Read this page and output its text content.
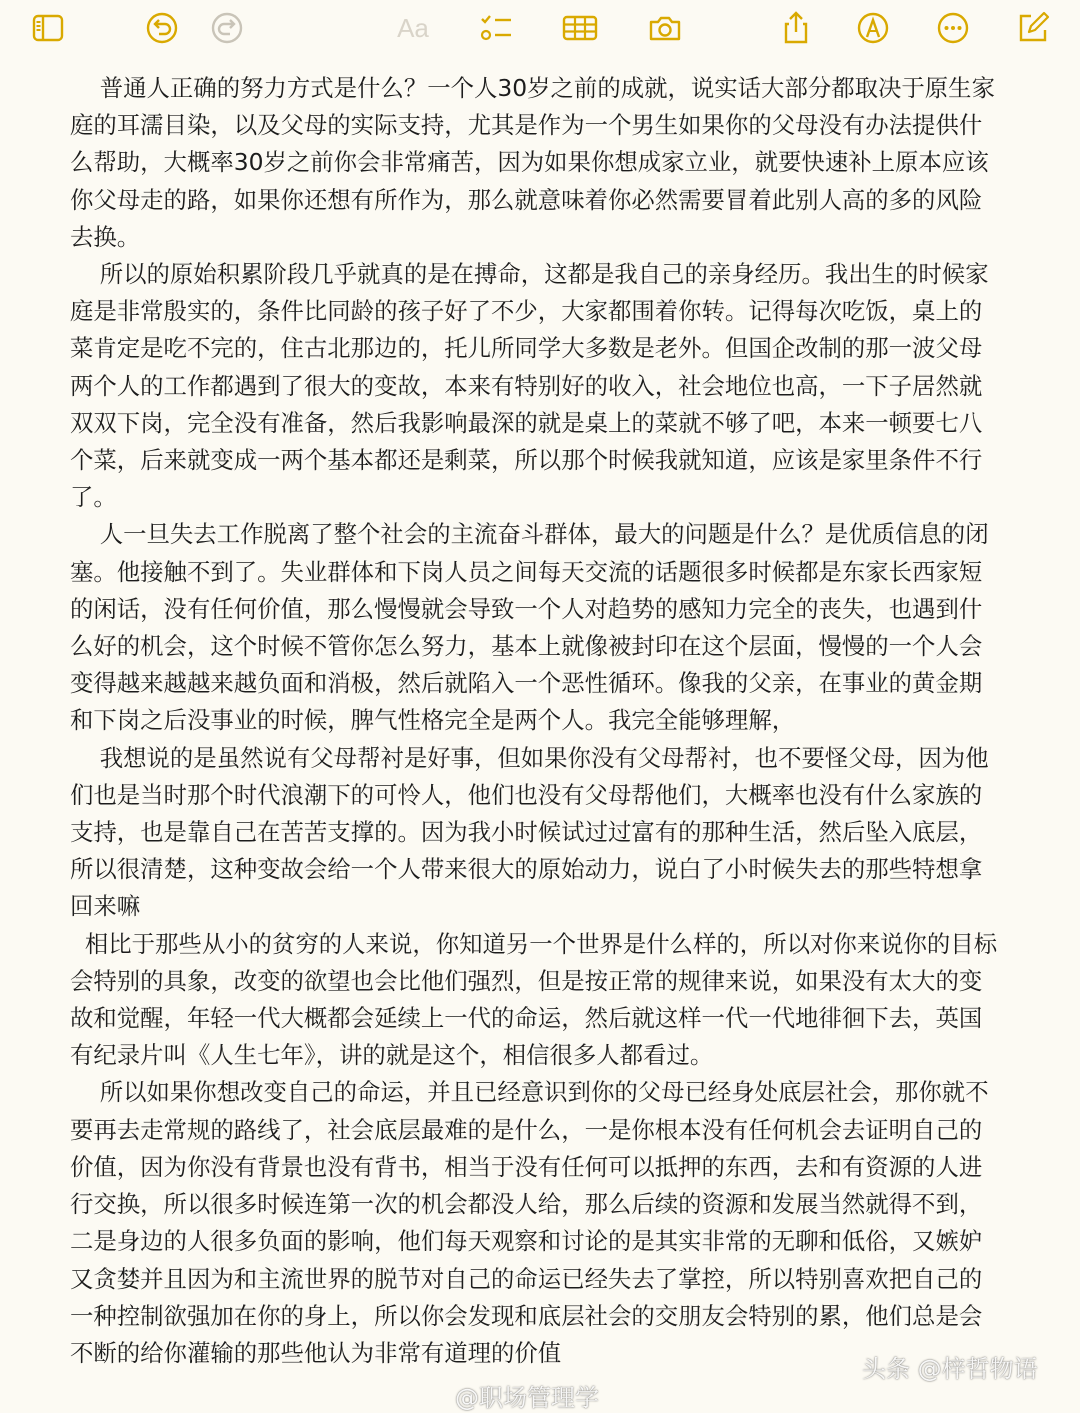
Aa

普通人正确的努力方式是什么？一个人30岁之前的成就，说实话大部分都取决于原生家庭的耳濡目染，以及父母的实际支持，尤其是作为一个男生如果你的父母没有办法提供什么帮助，大概率30岁之前你会非常痛苦，因为如果你想成家立业，就要快速补上原本应该你父母走的路，如果你还想有所作为，那么就意味着你必然需要冒着此别人高的多的风险去换。

所以的原始积累阶段几乎就真的是在搏命，这都是我自己的亲身经历。我出生的时候家庭是非常殷实的，条件比同龄的孩子好了不少，大家都围着你转。记得每次吃饭，桌上的菜肯定是吃不完的，住古北那边的，托儿所同学大多数是老外。但国企改制的那一波父母两个人的工作都遇到了很大的变故，本来有特别好的收入，社会地位也高，一下子居然就双双下岗，完全没有准备，然后我影响最深的就是桌上的菜就不够了吧，本来一顿要七八个菜，后来就变成一两个基本都还是剩菜，所以那个时候我就知道，应该是家里条件不行了。

人一旦失去工作脱离了整个社会的主流奋斗群体，最大的问题是什么？是优质信息的闭塞。他接触不到了。失业群体和下岗人员之间每天交流的话题很多时候都是东家长西家短的闲话，没有任何价值，那么慢慢就会导致一个人对趋势的感知力完全的丧失，也遇到什么好的机会，这个时候不管你怎么努力，基本上就像被封印在这个层面，慢慢的一个人会变得越来越越来越负面和消极，然后就陷入一个恶性循环。像我的父亲，在事业的黄金期和下岗之后没事业的时候，脾气性格完全是两个人。我完全能够理解，

我想说的是虽然说有父母帮衬是好事，但如果你没有父母帮衬，也不要怪父母，因为他们也是当时那个时代浪潮下的可怜人，他们也没有父母帮他们，大概率也没有什么家族的支持，也是靠自己在苦苦支撑的。因为我小时候试过过富有的那种生活，然后坠入底层，所以很清楚，这种变故会给一个人带来很大的原始动力，说白了小时候失去的那些特想拿回来嘛

相比于那些从小的贫穷的人来说，你知道另一个世界是什么样的，所以对你来说你的目标会特别的具象，改变的欲望也会比他们强烈，但是按正常的规律来说，如果没有太大的变故和觉醒，年轻一代大概都会延续上一代的命运，然后就这样一代一代地徘徊下去，英国有纪录片叫《人生七年》，讲的就是这个，相信很多人都看过。

所以如果你想改变自己的命运，并且已经意识到你的父母已经身处底层社会，那你就不要再去走常规的路线了，社会底层最难的是什么，一是你根本没有任何机会去证明自己的价值，因为你没有背景也没有背书，相当于没有任何可以抵押的东西，去和有资源的人进行交换，所以很多时候连第一次的机会都没人给，那么后续的资源和发展当然就得不到，二是身边的人很多负面的影响，他们每天观察和讨论的是其实非常的无聊和低俗，又嫉妒又贪婪并且因为和主流世界的脱节对自己的命运已经失去了掌控，所以特别喜欢把自己的一种控制欲强加在你的身上，所以你会发现和底层社会的交朋友会特别的累，他们总是会不断的给你灌输的那些他认为非常有道理的价值

@职场管理学
头条 @梓哲物语
